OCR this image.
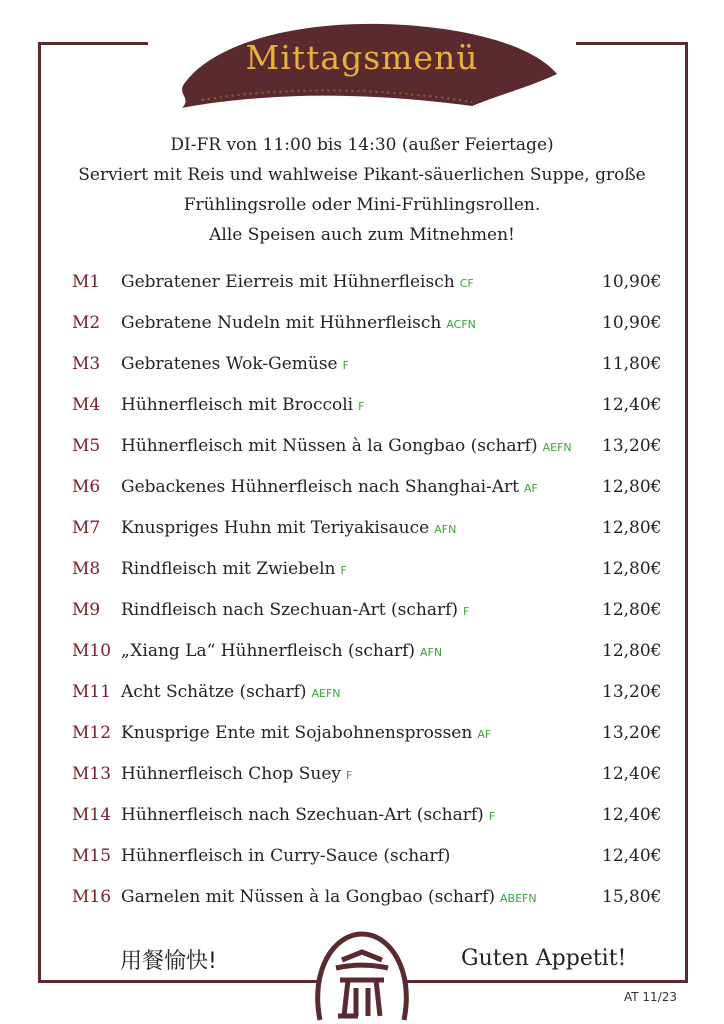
Mittagsmenü
DI-FR von 11:00 bis 14:30 (außer Feiertage)
Serviert mit Reis und wahlweise Pikant-säuerlichen Suppe, große
Frühlingsrolle oder Mini-Frühlingsrollen.
Alle Speisen auch zum Mitnehmen!
M1 Gebratener Eierreis mit Hühnerfleisch CF	10,90€
M2 Gebratene Nudeln mit Hühnerfleisch ACFN	10,90€
M3 Gebratenes Wok-Gemüse F	11,80€
M4 Hühnerfleisch mit Broccoli F	12,40€
M5 Hühnerfleisch mit Nüssen à la Gongbao (scharf) AEFN 13,20€
M6 Gebackenes Hühnerfleisch nach Shanghai-Art AF	12,80€
M7 Knuspriges Huhn mit Teriyakisauce AFN	12,80€
M8 Rindfleisch mit Zwiebeln F	12,80€
M9 Rindfleisch nach Szechuan-Art (scharf) F	12,80€
M10 „Xiang La“ Hühnerfleisch (scharf) AFN	12,80€
M11 Acht Schätze (scharf) AEFN	13,20€
M12 Knusprige Ente mit Sojabohnensprossen AF	13,20€
M13 Hühnerfleisch Chop Suey F	12,40€
M14 Hühnerfleisch nach Szechuan-Art (scharf) F	12,40€
M15 Hühnerfleisch in Curry-Sauce (scharf)	12,40€
M16 Garnelen mit Nüssen à la Gongbao (scharf) ABEFN	15,80€
用餐愉快!	Guten Appetit!
AT 11/23
